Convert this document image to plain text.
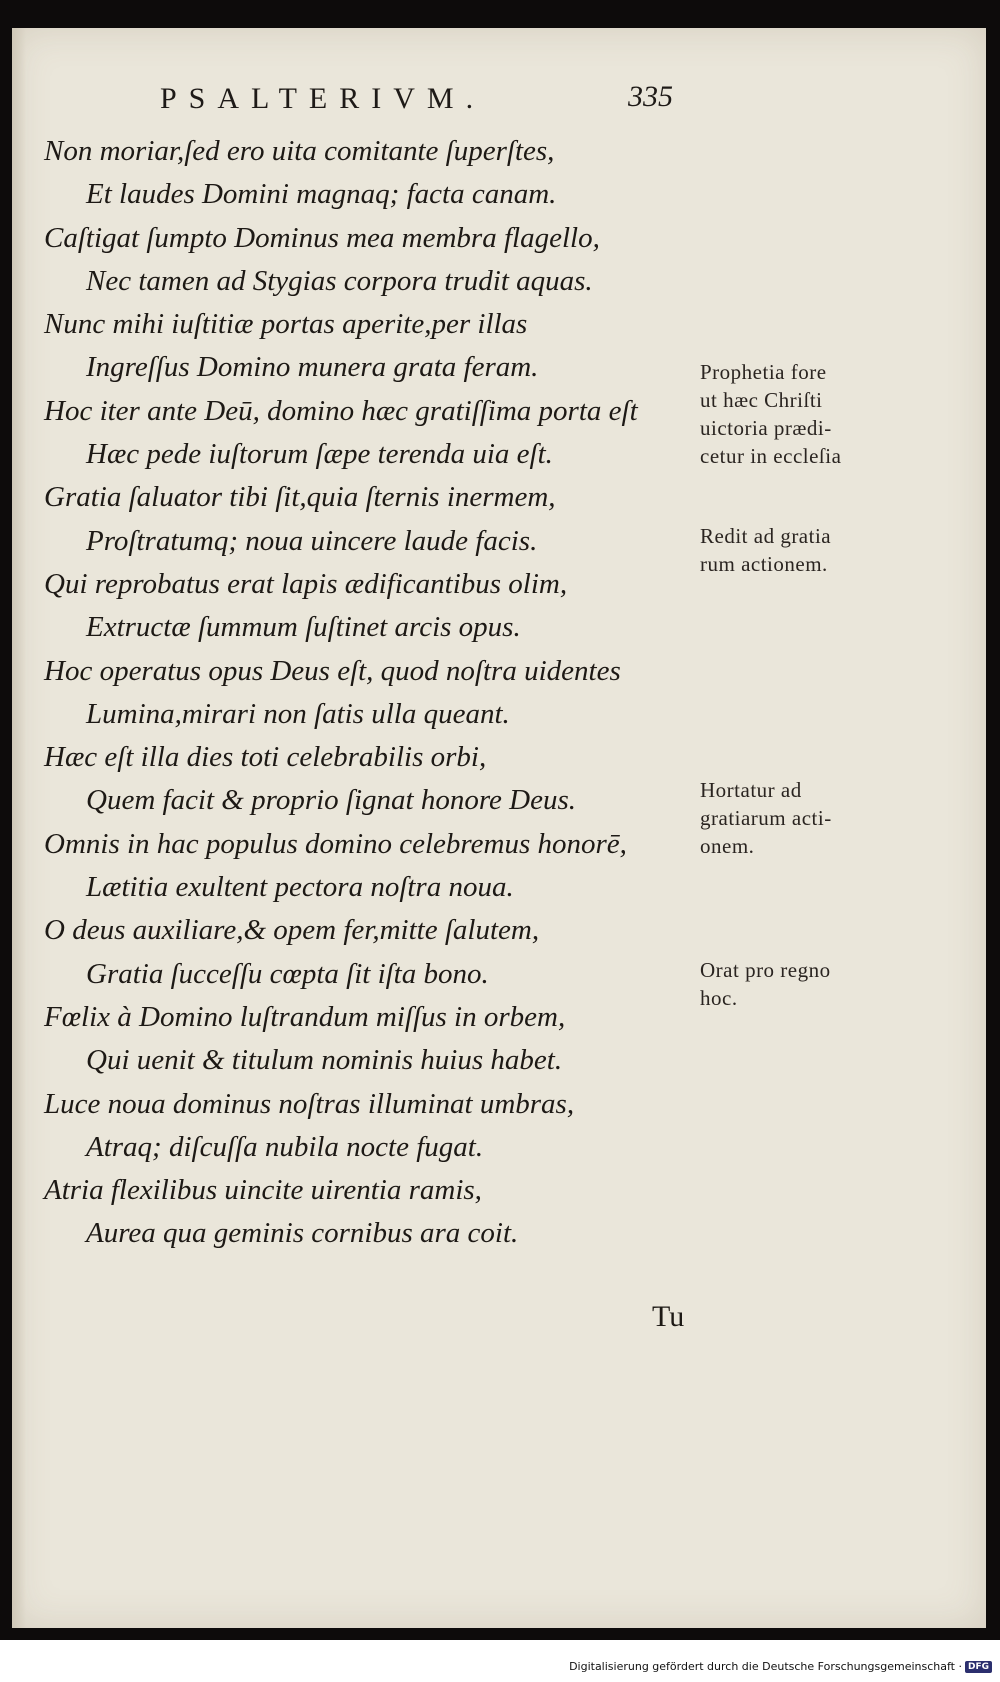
PSALTERIVM.	335
Non moriar,ſed ero uita comitante ſuperſtes,
Et laudes Domini magnaq; facta canam.
Caſtigat ſumpto Dominus mea membra flagello,
Nec tamen ad Stygias corpora trudit aquas.
Nunc mihi iuſtitiæ portas aperite,per illas
Ingreſſus Domino munera grata feram.
Hoc iter ante Deū, domino hæc gratiſſima porta eſt
Hæc pede iuſtorum ſæpe terenda uia eſt.
Gratia ſaluator tibi ſit,quia ſternis inermem,
Proſtratumq; noua uincere laude facis.
Qui reprobatus erat lapis ædificantibus olim,
Extructæ ſummum ſuſtinet arcis opus.
Hoc operatus opus Deus eſt, quod noſtra uidentes
Lumina,mirari non ſatis ulla queant.
Hæc eſt illa dies toti celebrabilis orbi,
Quem facit & proprio ſignat honore Deus.
Omnis in hac populus domino celebremus honorē,
Lætitia exultent pectora noſtra noua.
O deus auxiliare,& opem fer,mitte ſalutem,
Gratia ſucceſſu cœpta ſit iſta bono.
Fœlix à Domino luſtrandum miſſus in orbem,
Qui uenit & titulum nominis huius habet.
Luce noua dominus noſtras illuminat umbras,
Atraq; diſcuſſa nubila nocte fugat.
Atria flexilibus uincite uirentia ramis,
Aurea qua geminis cornibus ara coit.
Tu
Prophetia fore
ut hæc Chriſti
uictoria prædi-
cetur in eccleſia
Redit ad gratia
rum actionem.
Hortatur ad
gratiarum acti-
onem.
Orat pro regno
hoc.
Digitalisierung gefördert durch die Deutsche Forschungsgemeinschaft · DFG
